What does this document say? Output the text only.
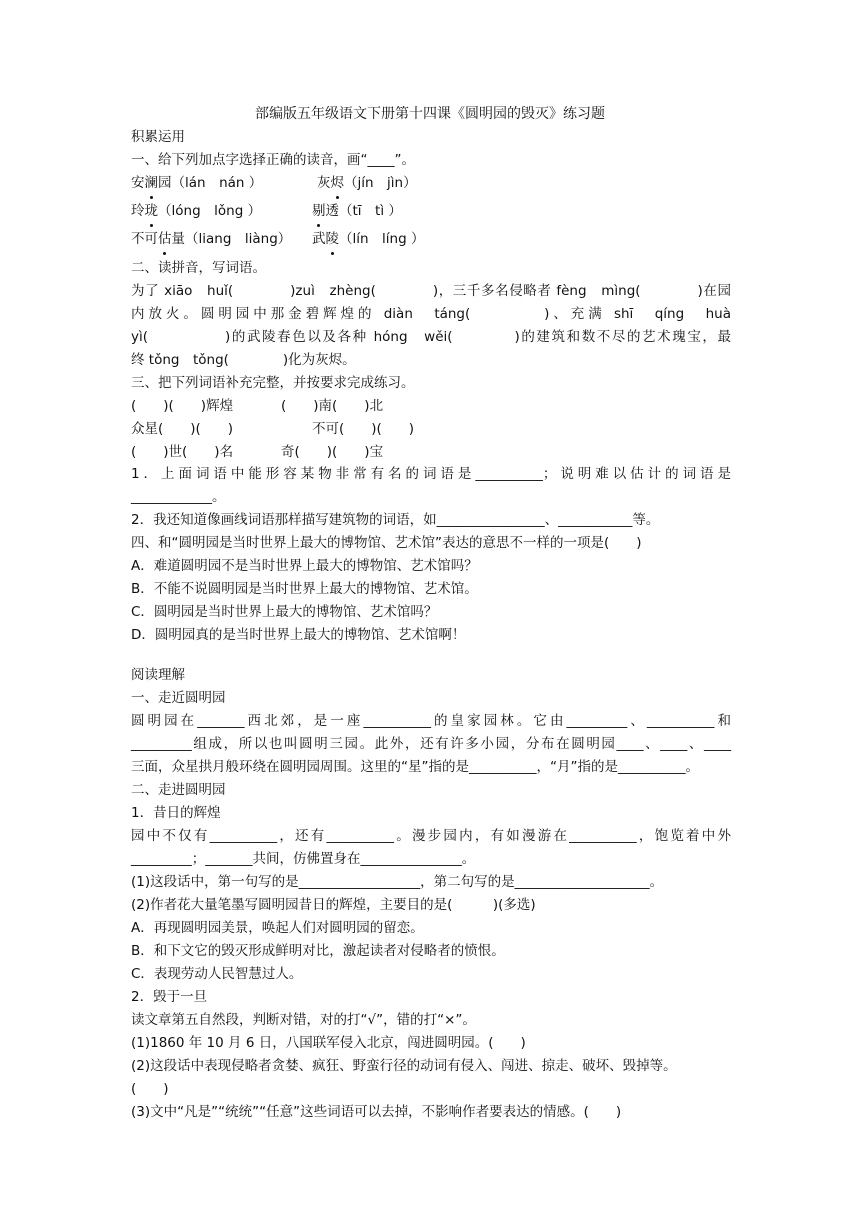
部编版五年级语文下册第十四课《圆明园的毁灭》练习题
积累运用
一、给下列加点字选择正确的读音，画“____”。
安澜园（lán　nán ）	灰烬（jín　jìn）
玲珑（lóng　lǒng ）	剔透（tī　tì ）
不可估量（liang　liàng） 武陵（lín　líng ）
二、读拼音，写词语。
为了 xiāo　huǐ(　　　　)zuì　zhèng(　　　　)，三千多名侵略者 fèng　mìng(　　　　)在园
内放火。圆明园中那金碧辉煌的 diàn　táng(　　　　)、充满 shī　qíng　huà
yì(　　　　　)的武陵春色以及各种 hóng　wěi(　　　　)的建筑和数不尽的艺术瑰宝，最
终 tǒng　tǒng(　　　　)化为灰烬。
三、把下列词语补充完整，并按要求完成练习。
(　　)(　　)辉煌	(　　)南(　　)北
众星(　　)(　　)	不可(　　)(　　)
(　　)世(　　)名	奇(　　)(　　)宝
1．上面词语中能形容某物非常有名的词语是__________；说明难以估计的词语是
____________。
2．我还知道像画线词语那样描写建筑物的词语，如________________、___________等。
四、和“圆明园是当时世界上最大的博物馆、艺术馆”表达的意思不一样的一项是(　　)
A．难道圆明园不是当时世界上最大的博物馆、艺术馆吗？
B．不能不说圆明园是当时世界上最大的博物馆、艺术馆。
C．圆明园是当时世界上最大的博物馆、艺术馆吗？
D．圆明园真的是当时世界上最大的博物馆、艺术馆啊！
阅读理解
一、走近圆明园
圆明园在_______西北郊，是一座__________的皇家园林。它由_________、__________和
_________组成，所以也叫圆明三园。此外，还有许多小园，分布在圆明园____、____、____
三面，众星拱月般环绕在圆明园周围。这里的“星”指的是__________，“月”指的是__________。
二、走进圆明园
1．昔日的辉煌
园中不仅有__________，还有__________。漫步园内，有如漫游在__________，饱览着中外
_________；_______共间，仿佛置身在_______________。
(1)这段话中，第一句写的是__________________，第二句写的是____________________。
(2)作者花大量笔墨写圆明园昔日的辉煌，主要目的是(　　　)(多选)
A．再现圆明园美景，唤起人们对圆明园的留恋。
B．和下文它的毁灭形成鲜明对比，激起读者对侵略者的愤恨。
C．表现劳动人民智慧过人。
2．毁于一旦
读文章第五自然段，判断对错，对的打“√”，错的打“×”。
(1)1860 年 10 月 6 日，八国联军侵入北京，闯进圆明园。(　　)
(2)这段话中表现侵略者贪婪、疯狂、野蛮行径的动词有侵入、闯进、掠走、破坏、毁掉等。
(　　)
(3)文中“凡是”“统统”“任意”这些词语可以去掉，不影响作者要表达的情感。(　　)
